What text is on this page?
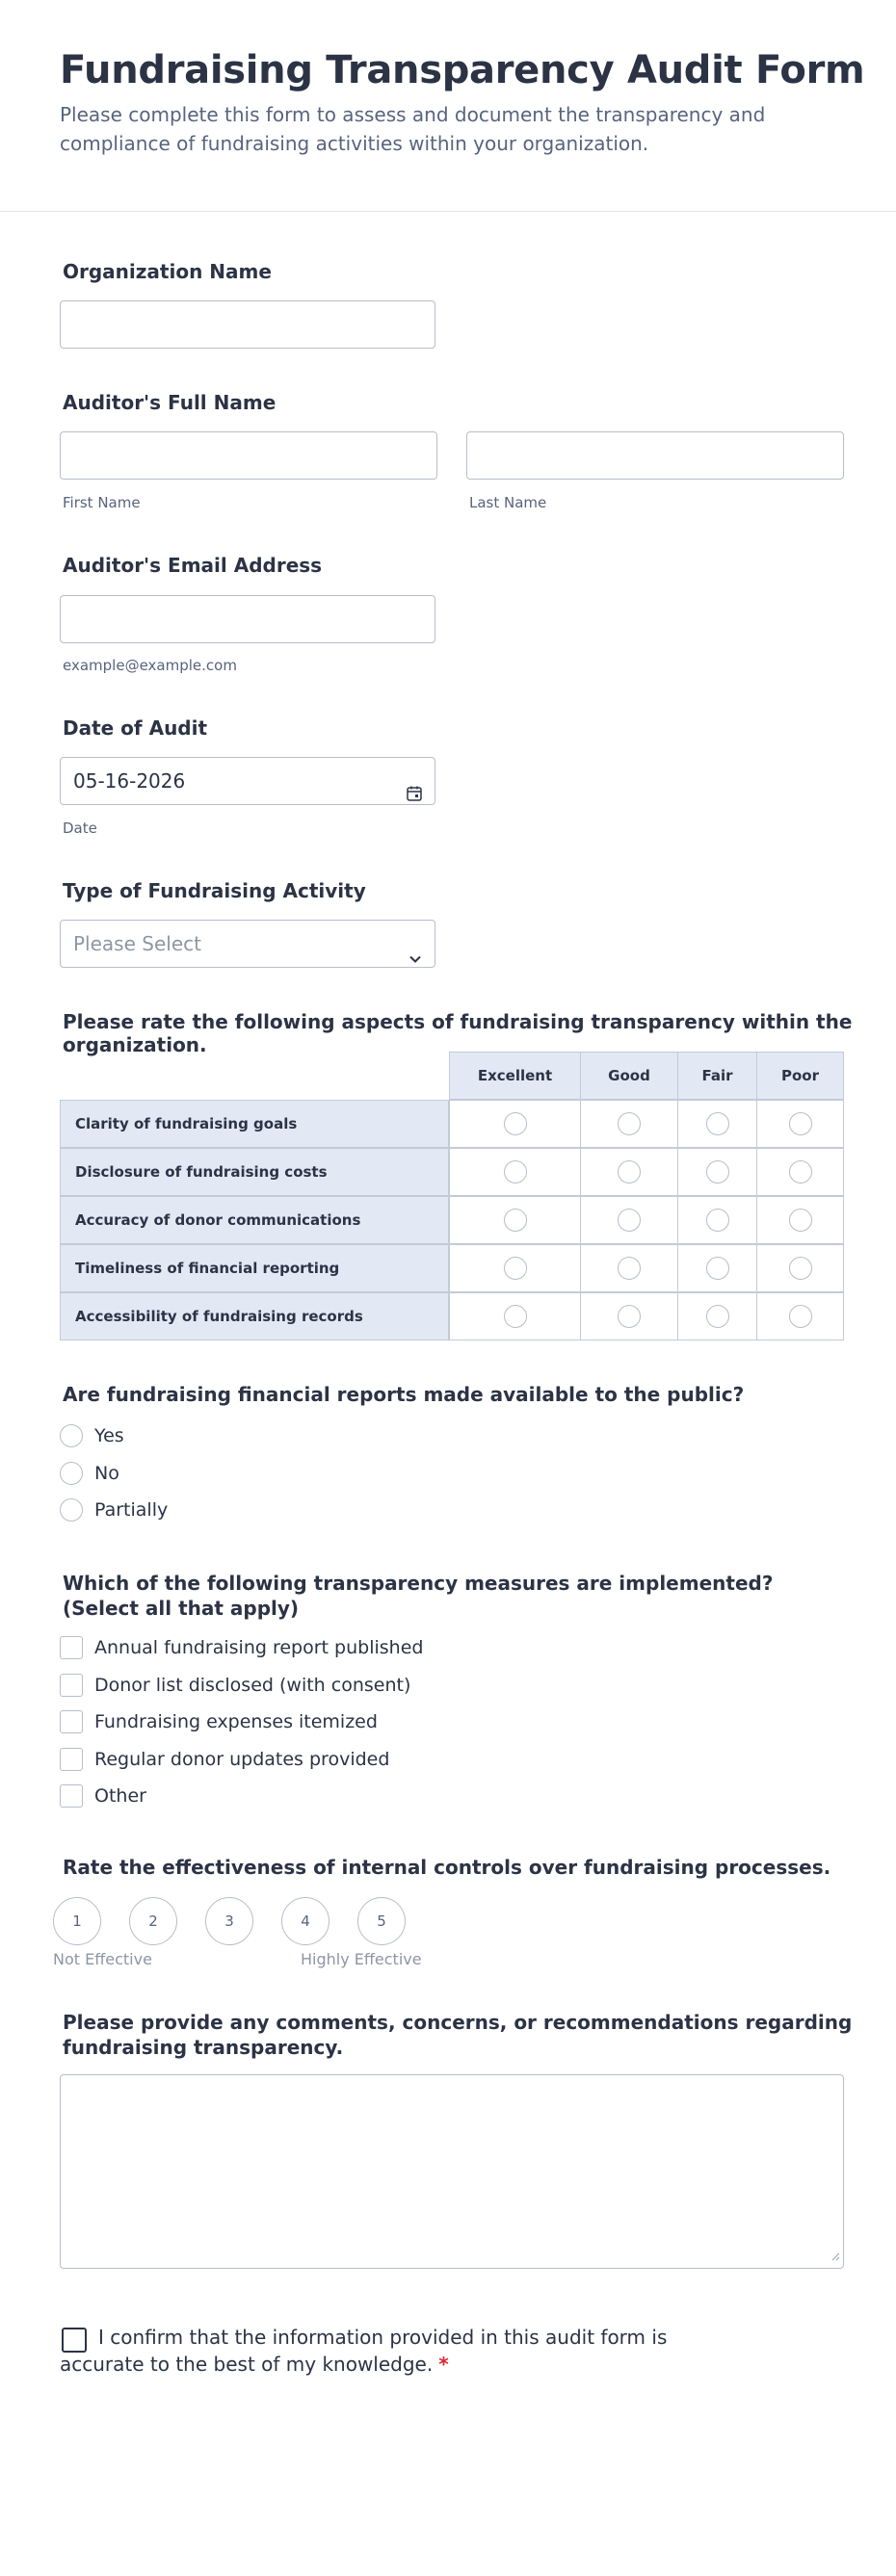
Fundraising Transparency Audit Form

Please complete this form to assess and document the transparency and compliance of fundraising activities within your organization.

Organization Name
Auditor's Full Name
First Name	Last Name
Auditor's Email Address
example@example.com
Date of Audit
05-16-2026
Date
Type of Fundraising Activity
Please Select
Please rate the following aspects of fundraising transparency within the organization.
Excellent	Good	Fair	Poor
Clarity of fundraising goals
Disclosure of fundraising costs
Accuracy of donor communications
Timeliness of financial reporting
Accessibility of fundraising records
Are fundraising financial reports made available to the public?
Yes
No
Partially
Which of the following transparency measures are implemented? (Select all that apply)
Annual fundraising report published
Donor list disclosed (with consent)
Fundraising expenses itemized
Regular donor updates provided
Other
Rate the effectiveness of internal controls over fundraising processes.
1	2	3	4	5
Not Effective	Highly Effective
Please provide any comments, concerns, or recommendations regarding fundraising transparency.

I confirm that the information provided in this audit form is accurate to the best of my knowledge. *
